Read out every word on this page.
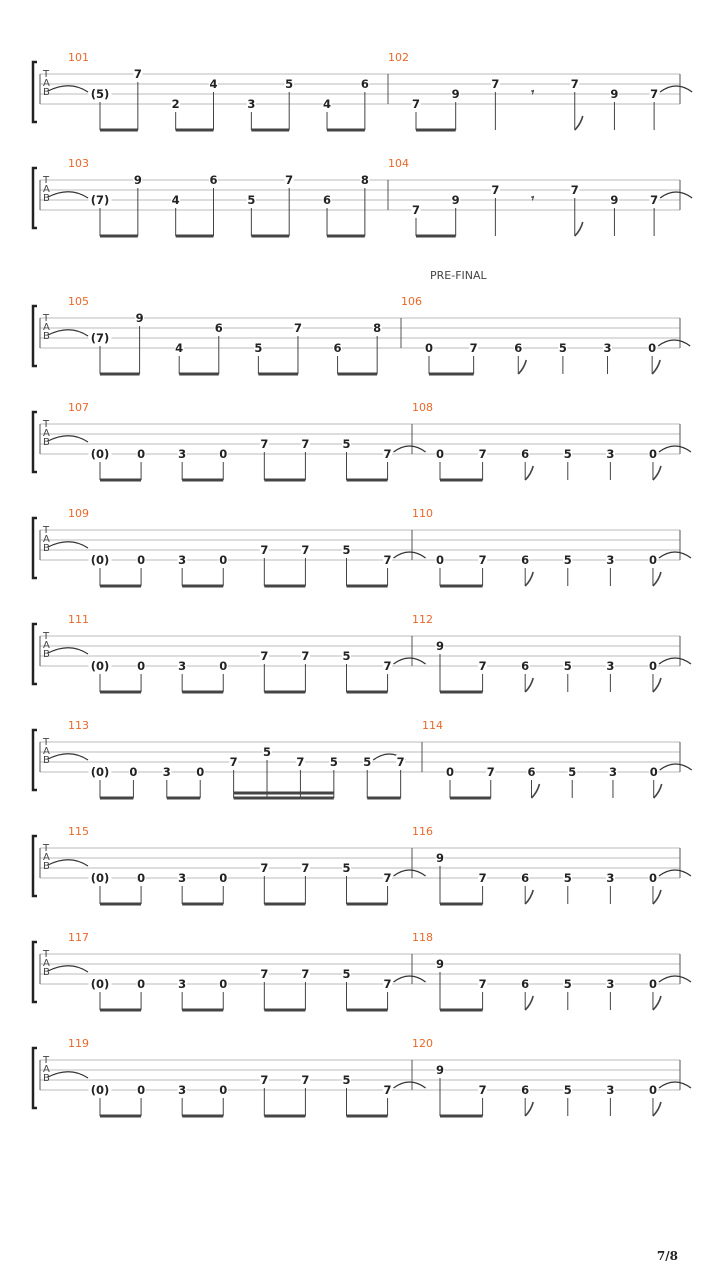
T
A
B
101
(5)
7
2
4
3
5
4
6
102
7
9
7
𝄾
7
9	7
T
A
B
103
(7)
9
4
6
5
7
6
8
104
7
9
7
𝄾
7
9	7
T
A
B
PRE-FINAL
105
(7)
9
4
6
5
7
6
8
106
0	7	6	5	3	0
T
A
B
107
(0) 0	3	0
7	7	5
7
108
0	7	6	5	3	0
T
A
B
109
(0) 0	3	0
7	7	5
7
110
0	7	6	5	3	0
T
A
B
111
(0) 0	3	0
7	7	5
7
112
9
7	6	5	3	0
T
A
B
113
(0) 0 3 0
7
5
7 5 5 7
114
0	7	6	5	3	0
T
A
B
115
(0) 0	3	0
7	7	5
7
116
9
7	6	5	3	0
T
A
B
117
(0) 0	3	0
7	7	5
7
118
9
7	6	5	3	0
T
A
B
119
(0) 0	3	0
7	7	5
7
120
9
7	6	5	3	0
7/8
